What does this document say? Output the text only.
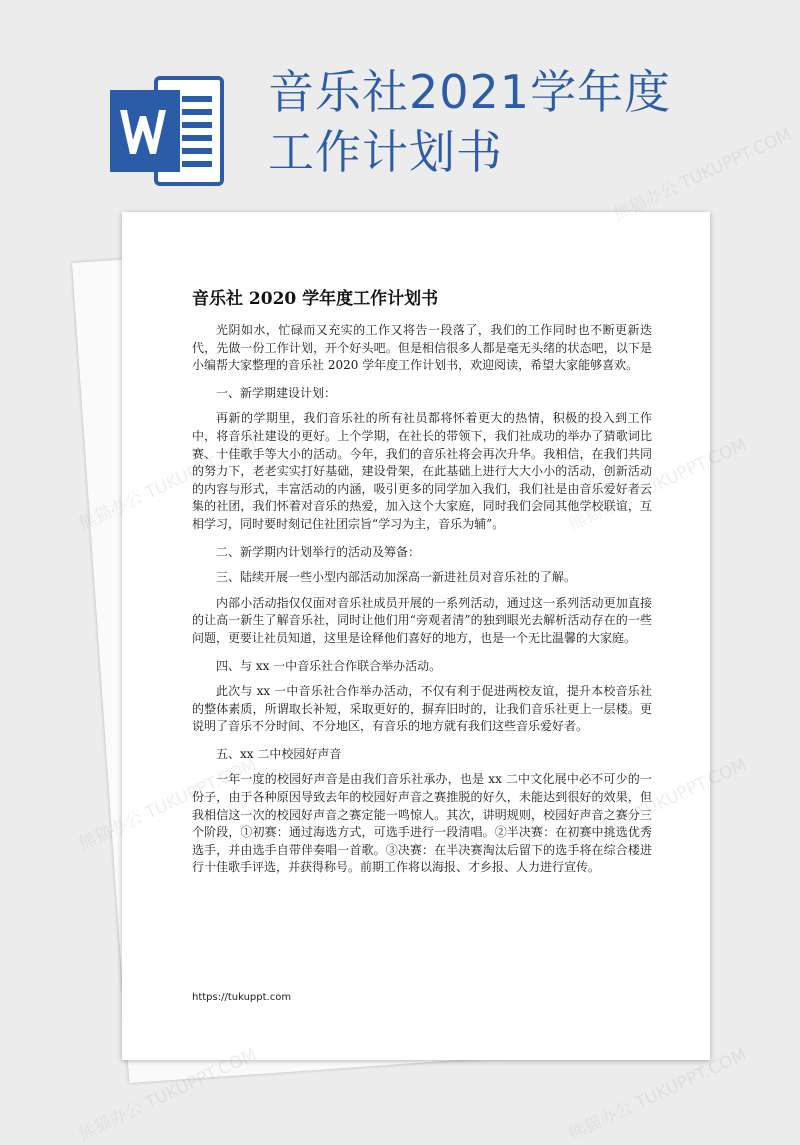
音乐社2021学年度
工作计划书
音乐社 2020 学年度工作计划书

光阴如水，忙碌而又充实的工作又将告一段落了，我们的工作同时也不断更新迭代，先做一份工作计划，开个好头吧。但是相信很多人都是毫无头绪的状态吧，以下是小编帮大家整理的音乐社 2020 学年度工作计划书，欢迎阅读，希望大家能够喜欢。

一、新学期建设计划：

再新的学期里，我们音乐社的所有社员都将怀着更大的热情，积极的投入到工作中，将音乐社建设的更好。上个学期，在社长的带领下，我们社成功的举办了猜歌词比赛、十佳歌手等大小的活动。今年，我们的音乐社将会再次升华。我相信，在我们共同的努力下，老老实实打好基础，建设骨架，在此基础上进行大大小小的活动，创新活动的内容与形式，丰富活动的内涵，吸引更多的同学加入我们，我们社是由音乐爱好者云集的社团，我们怀着对音乐的热爱，加入这个大家庭，同时我们会同其他学校联谊，互相学习，同时要时刻记住社团宗旨“学习为主，音乐为辅”。

二、新学期内计划举行的活动及筹备：

三、陆续开展一些小型内部活动加深高一新进社员对音乐社的了解。

内部小活动指仅仅面对音乐社成员开展的一系列活动，通过这一系列活动更加直接的让高一新生了解音乐社，同时让他们用“旁观者清”的独到眼光去解析活动存在的一些问题，更要让社员知道，这里是诠释他们喜好的地方，也是一个无比温馨的大家庭。

四、与 xx 一中音乐社合作联合举办活动。

此次与 xx 一中音乐社合作举办活动，不仅有利于促进两校友谊，提升本校音乐社的整体素质，所谓取长补短，采取更好的，摒弃旧时的，让我们音乐社更上一层楼。更说明了音乐不分时间、不分地区，有音乐的地方就有我们这些音乐爱好者。

五、xx 二中校园好声音

一年一度的校园好声音是由我们音乐社承办，也是 xx 二中文化展中必不可少的一份子，由于各种原因导致去年的校园好声音之赛推脱的好久，未能达到很好的效果，但我相信这一次的校园好声音之赛定能一鸣惊人。其次，讲明规则，校园好声音之赛分三个阶段，①初赛：通过海选方式，可选手进行一段清唱。②半决赛：在初赛中挑选优秀选手，并由选手自带伴奏唱一首歌。③决赛：在半决赛淘汰后留下的选手将在综合楼进行十佳歌手评选，并获得称号。前期工作将以海报、才乡报、人力进行宣传。

https://tukuppt.com
熊猫办公 TUKUPPT.COM
熊猫办公 TUKUPPT.COM	熊猫办公 TUKUPPT.COM
